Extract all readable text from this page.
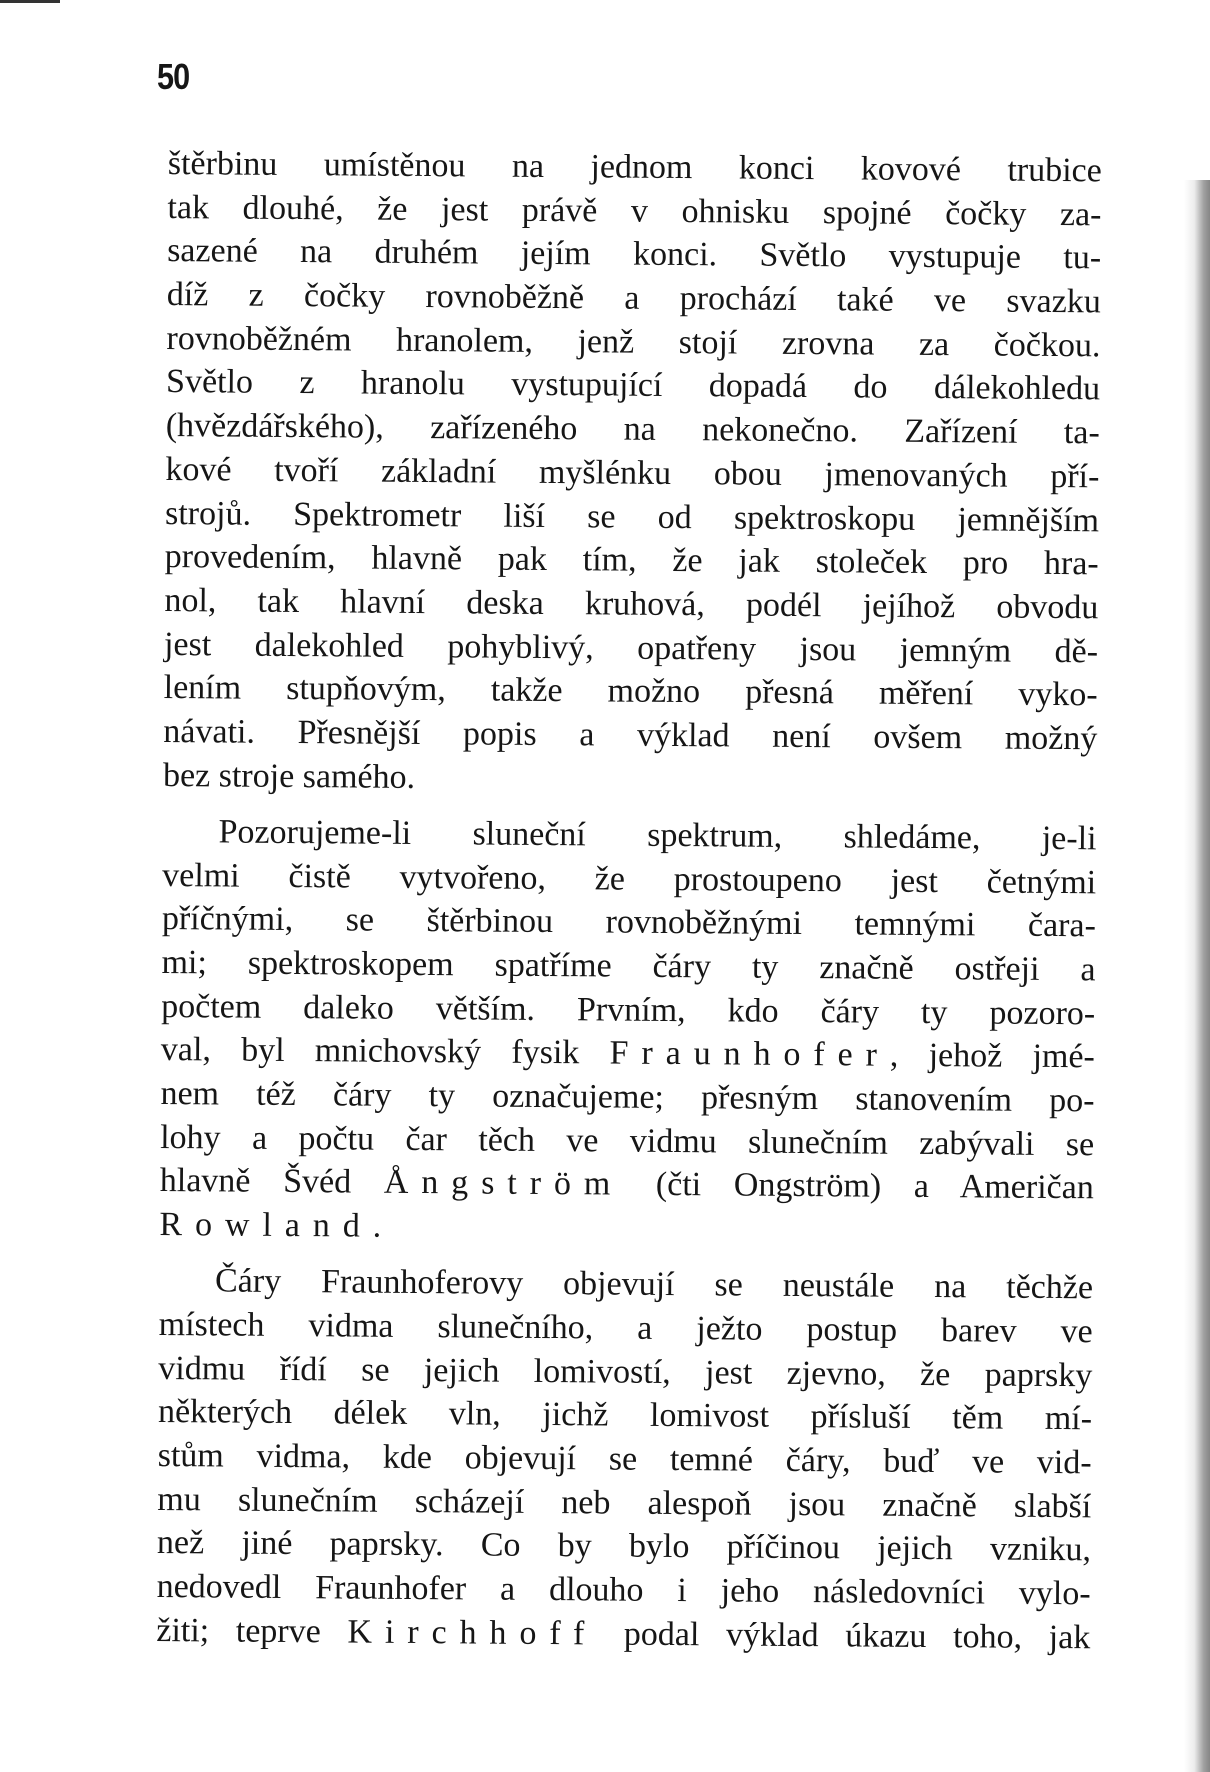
50
štěrbinu umístěnou na jednom konci kovové trubice
tak dlouhé, že jest právě v ohnisku spojné čočky za-
sazené na druhém jejím konci. Světlo vystupuje tu-
díž z čočky rovnoběžně a prochází také ve svazku
rovnoběžném hranolem, jenž stojí zrovna za čočkou.
Světlo z hranolu vystupující dopadá do dálekohledu
(hvězdářského), zařízeného na nekonečno. Zařízení ta-
kové tvoří základní myšlénku obou jmenovaných pří-
strojů. Spektrometr liší se od spektroskopu jemnějším
provedením, hlavně pak tím, že jak stoleček pro hra-
nol, tak hlavní deska kruhová, podél jejíhož obvodu
jest dalekohled pohyblivý, opatřeny jsou jemným dě-
lením stupňovým, takže možno přesná měření vyko-
návati. Přesnější popis a výklad není ovšem možný
bez stroje samého.
Pozorujeme-li sluneční spektrum, shledáme, je-li
velmi čistě vytvořeno, že prostoupeno jest četnými
příčnými, se štěrbinou rovnoběžnými temnými čara-
mi; spektroskopem spatříme čáry ty značně ostřeji a
počtem daleko větším. Prvním, kdo čáry ty pozoro-
val, byl mnichovský fysik Fraunhofer, jehož jmé-
nem též čáry ty označujeme; přesným stanovením po-
lohy a počtu čar těch ve vidmu slunečním zabývali se
hlavně Švéd Ångström (čti Ongström) a Američan
Rowland.
Čáry Fraunhoferovy objevují se neustále na těchže
místech vidma slunečního, a ježto postup barev ve
vidmu řídí se jejich lomivostí, jest zjevno, že paprsky
některých délek vln, jichž lomivost přísluší těm mí-
stům vidma, kde objevují se temné čáry, buď ve vid-
mu slunečním scházejí neb alespoň jsou značně slabší
než jiné paprsky. Co by bylo příčinou jejich vzniku,
nedovedl Fraunhofer a dlouho i jeho následovníci vylo-
žiti; teprve Kirchhoff podal výklad úkazu toho, jak
